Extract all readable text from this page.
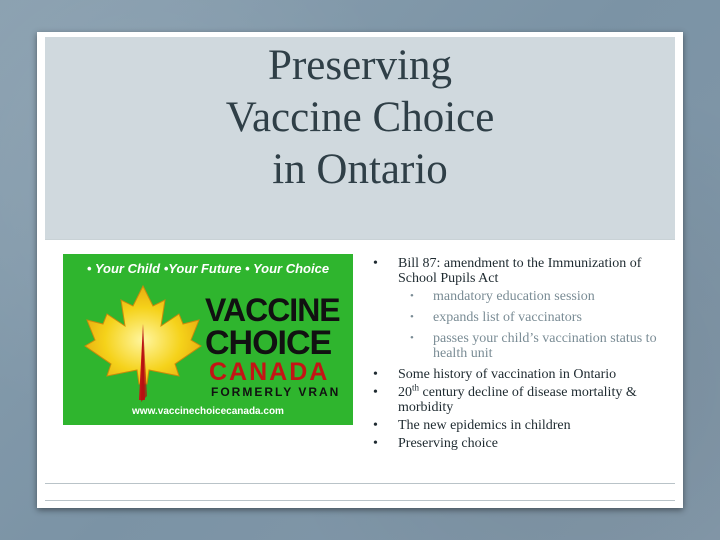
Preserving
Vaccine Choice
in Ontario
• Your Child •Your Future • Your Choice
VACCINE
CHOICE
CANADA
FORMERLY VRAN
www.vaccinechoicecanada.com
• Bill 87: amendment to the Immunization of School Pupils Act
• mandatory education session
• expands list of vaccinators
• passes your child’s vaccination status to health unit
• Some history of vaccination in Ontario
• 20th century decline of disease mortality & morbidity
• The new epidemics in children
• Preserving choice
